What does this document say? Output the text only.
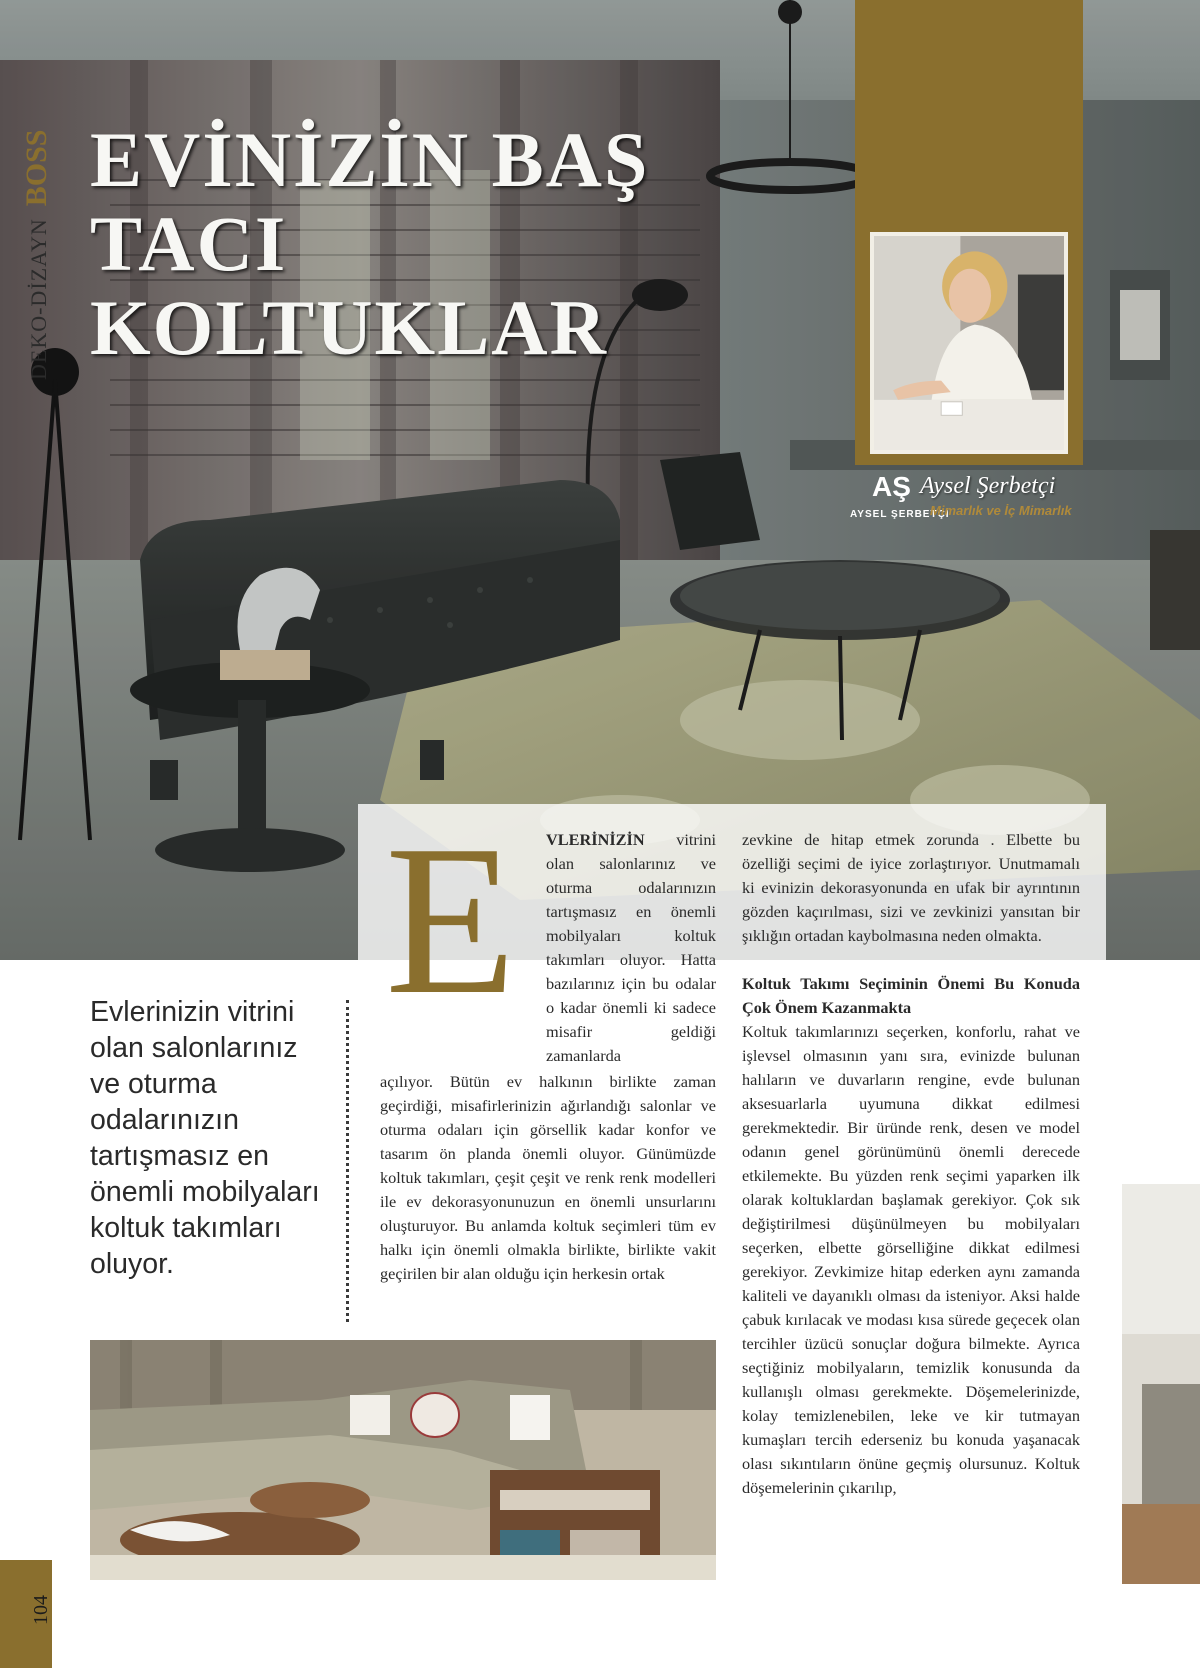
DEKO-DİZAYN BOSS
104
EVİNİZİN BAŞ
TACI KOLTUKLAR
AŞ
AYSEL ŞERBETÇİ
Aysel Şerbetçi
Mimarlık ve İç Mimarlık
E VLERİNİZİN vitrini olan salonlarınız ve oturma odalarınızın tartışmasız en önemli mobilyaları koltuk takımları oluyor. Hatta bazılarınız için bu odalar o kadar önemli ki sadece misafir geldiği zamanlarda
açılıyor. Bütün ev halkının birlikte zaman geçirdiği, misafirlerinizin ağırlandığı salonlar ve oturma odaları için görsellik kadar konfor ve tasarım ön planda önemli oluyor. Günümüzde koltuk takımları, çeşit çeşit ve renk renk modelleri ile ev dekorasyonunuzun en önemli unsurlarını oluşturuyor. Bu anlamda koltuk seçimleri tüm ev halkı için önemli olmakla birlikte, birlikte vakit geçirilen bir alan olduğu için herkesin ortak
zevkine de hitap etmek zorunda . Elbette bu özelliği seçimi de iyice zorlaştırıyor. Unutmamalı ki evinizin dekorasyonunda en ufak bir ayrıntının gözden kaçırılması, sizi ve zevkinizi yansıtan bir şıklığın ortadan kaybolmasına neden olmakta.
Koltuk Takımı Seçiminin Önemi Bu Konuda Çok Önem Kazanmakta
Koltuk takımlarınızı seçerken, konforlu, rahat ve işlevsel olmasının yanı sıra, evinizde bulunan halıların ve duvarların rengine, evde bulunan aksesuarlarla uyumuna dikkat edilmesi gerekmektedir. Bir üründe renk, desen ve model odanın genel görünümünü önemli derecede etkilemekte. Bu yüzden renk seçimi yaparken ilk olarak koltuklardan başlamak gerekiyor. Çok sık değiştirilmesi düşünülmeyen bu mobilyaları seçerken, elbette görselliğine dikkat edilmesi gerekiyor. Zevkimize hitap ederken aynı zamanda kaliteli ve dayanıklı olması da isteniyor. Aksi halde çabuk kırılacak ve modası kısa sürede geçecek olan tercihler üzücü sonuçlar doğura bilmekte. Ayrıca seçtiğiniz mobilyaların, temizlik konusunda da kullanışlı olması gerekmekte. Döşemelerinizde, kolay temizlenebilen, leke ve kir tutmayan kumaşları tercih ederseniz bu konuda yaşanacak olası sıkıntıların önüne geçmiş olursunuz. Koltuk döşemelerinin çıkarılıp,
Evlerinizin vitrini olan salonlarınız ve oturma odalarınızın tartışmasız en önemli mobilyaları koltuk takımları oluyor.
